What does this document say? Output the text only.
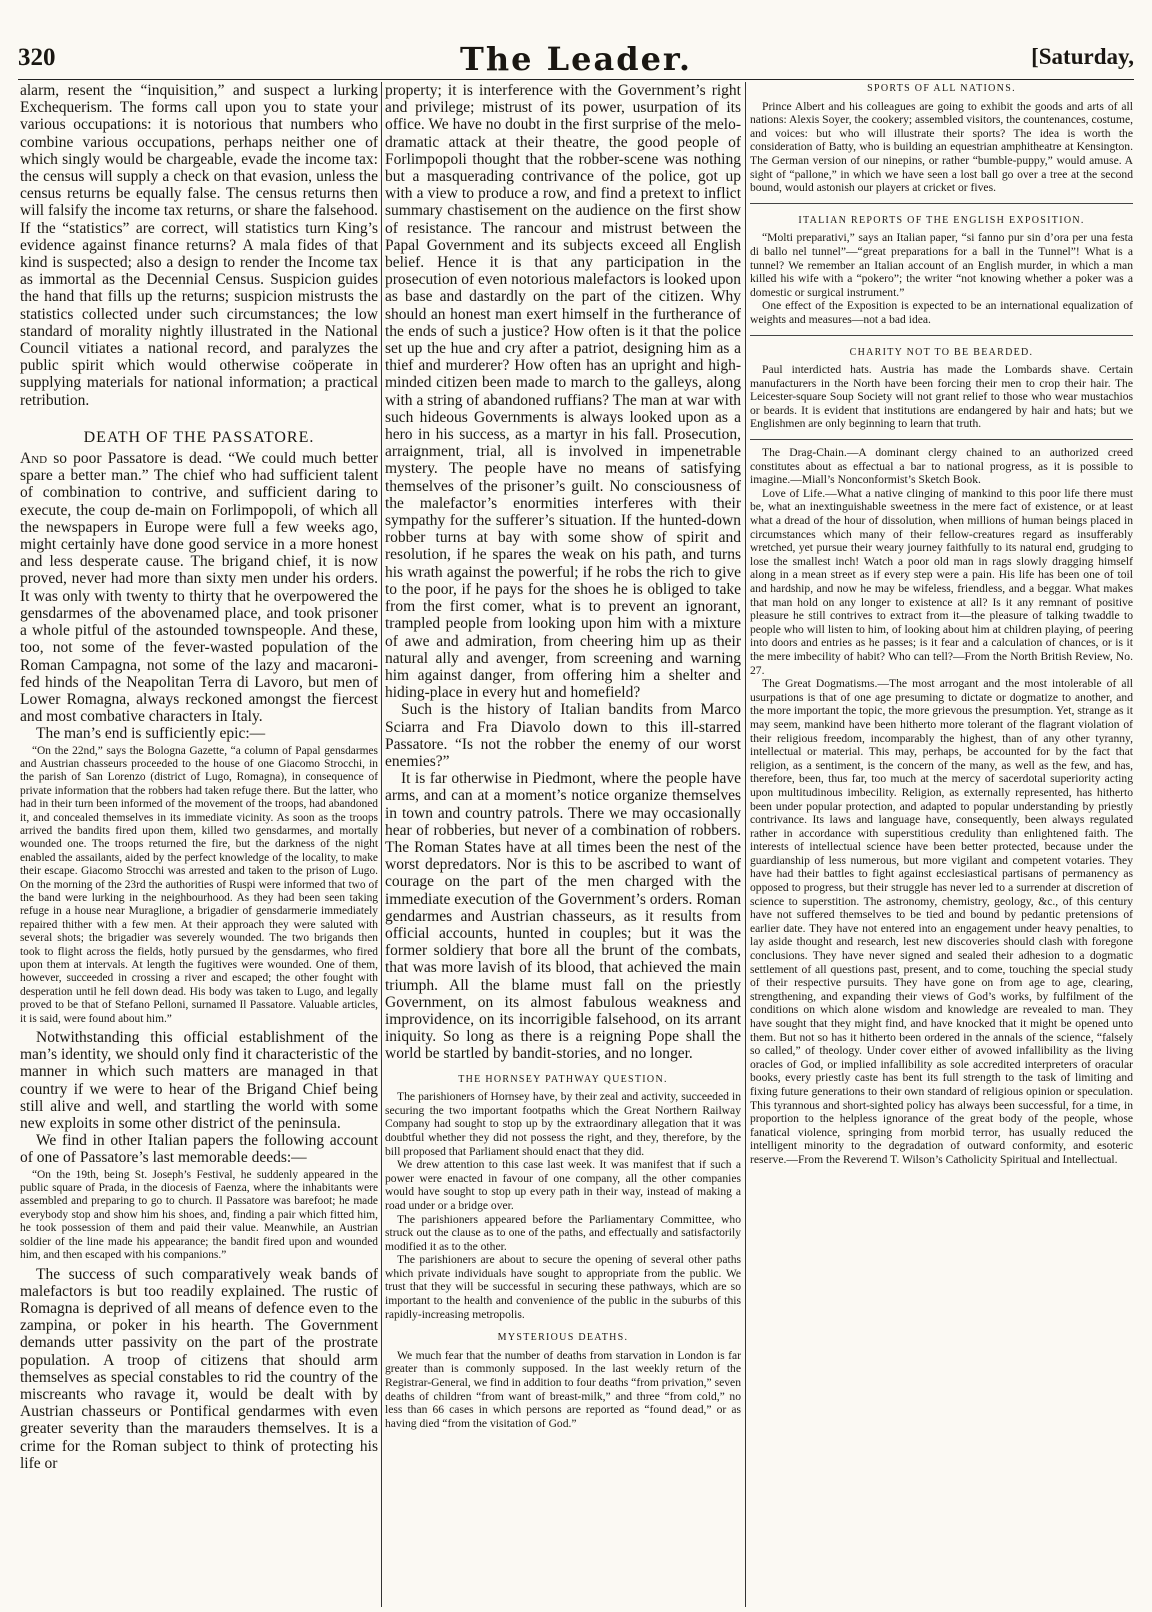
320	The Leader.	[Saturday,

alarm, resent the “inquisition,” and suspect a lurking Exchequerism. The forms call upon you to state your various occupations: it is notorious that numbers who combine various occupations, perhaps neither one of which singly would be chargeable, evade the income tax: the census will supply a check on that evasion, unless the census returns be equally false. The census returns then will falsify the income tax returns, or share the falsehood. If the “statistics” are correct, will statistics turn King’s evidence against finance returns? A mala fides of that kind is suspected; also a design to render the Income tax as immortal as the Decennial Census. Suspicion guides the hand that fills up the returns; suspicion mistrusts the statistics collected under such circumstances; the low standard of morality nightly illustrated in the National Council vitiates a national record, and paralyzes the public spirit which would otherwise coöperate in supplying materials for national information; a practical retribution.

DEATH OF THE PASSATORE.

And so poor Passatore is dead. “We could much better spare a better man.” The chief who had sufficient talent of combination to contrive, and sufficient daring to execute, the coup de-main on Forlimpopoli, of which all the newspapers in Europe were full a few weeks ago, might certainly have done good service in a more honest and less desperate cause. The brigand chief, it is now proved, never had more than sixty men under his orders. It was only with twenty to thirty that he overpowered the gensdarmes of the abovenamed place, and took prisoner a whole pitful of the astounded townspeople. And these, too, not some of the fever-wasted population of the Roman Campagna, not some of the lazy and macaroni-fed hinds of the Neapolitan Terra di Lavoro, but men of Lower Romagna, always reckoned amongst the fiercest and most combative characters in Italy.

The man’s end is sufficiently epic:—

“On the 22nd,” says the Bologna Gazette, “a column of Papal gensdarmes and Austrian chasseurs proceeded to the house of one Giacomo Strocchi, in the parish of San Lorenzo (district of Lugo, Romagna), in consequence of private information that the robbers had taken refuge there. But the latter, who had in their turn been informed of the movement of the troops, had abandoned it, and concealed themselves in its immediate vicinity. As soon as the troops arrived the bandits fired upon them, killed two gensdarmes, and mortally wounded one. The troops returned the fire, but the darkness of the night enabled the assailants, aided by the perfect knowledge of the locality, to make their escape. Giacomo Strocchi was arrested and taken to the prison of Lugo. On the morning of the 23rd the authorities of Ruspi were informed that two of the band were lurking in the neighbourhood. As they had been seen taking refuge in a house near Muraglione, a brigadier of gensdarmerie immediately repaired thither with a few men. At their approach they were saluted with several shots; the brigadier was severely wounded. The two brigands then took to flight across the fields, hotly pursued by the gensdarmes, who fired upon them at intervals. At length the fugitives were wounded. One of them, however, succeeded in crossing a river and escaped; the other fought with desperation until he fell down dead. His body was taken to Lugo, and legally proved to be that of Stefano Pelloni, surnamed Il Passatore. Valuable articles, it is said, were found about him.”

Notwithstanding this official establishment of the man’s identity, we should only find it characteristic of the manner in which such matters are managed in that country if we were to hear of the Brigand Chief being still alive and well, and startling the world with some new exploits in some other district of the peninsula.

We find in other Italian papers the following account of one of Passatore’s last memorable deeds:—

“On the 19th, being St. Joseph’s Festival, he suddenly appeared in the public square of Prada, in the diocesis of Faenza, where the inhabitants were assembled and preparing to go to church. Il Passatore was barefoot; he made everybody stop and show him his shoes, and, finding a pair which fitted him, he took possession of them and paid their value. Meanwhile, an Austrian soldier of the line made his appearance; the bandit fired upon and wounded him, and then escaped with his companions.”

The success of such comparatively weak bands of malefactors is but too readily explained. The rustic of Romagna is deprived of all means of defence even to the zampina, or poker in his hearth. The Government demands utter passivity on the part of the prostrate population. A troop of citizens that should arm themselves as special constables to rid the country of the miscreants who ravage it, would be dealt with by Austrian chasseurs or Pontifical gendarmes with even greater severity than the marauders themselves. It is a crime for the Roman subject to think of protecting his life or

property; it is interference with the Government’s right and privilege; mistrust of its power, usurpation of its office. We have no doubt in the first surprise of the melo-dramatic attack at their theatre, the good people of Forlimpopoli thought that the robber-scene was nothing but a masquerading contrivance of the police, got up with a view to produce a row, and find a pretext to inflict summary chastisement on the audience on the first show of resistance. The rancour and mistrust between the Papal Government and its subjects exceed all English belief. Hence it is that any participation in the prosecution of even notorious malefactors is looked upon as base and dastardly on the part of the citizen. Why should an honest man exert himself in the furtherance of the ends of such a justice? How often is it that the police set up the hue and cry after a patriot, designing him as a thief and murderer? How often has an upright and high-minded citizen been made to march to the galleys, along with a string of abandoned ruffians? The man at war with such hideous Governments is always looked upon as a hero in his success, as a martyr in his fall. Prosecution, arraignment, trial, all is involved in impenetrable mystery. The people have no means of satisfying themselves of the prisoner’s guilt. No consciousness of the malefactor’s enormities interferes with their sympathy for the sufferer’s situation. If the hunted-down robber turns at bay with some show of spirit and resolution, if he spares the weak on his path, and turns his wrath against the powerful; if he robs the rich to give to the poor, if he pays for the shoes he is obliged to take from the first comer, what is to prevent an ignorant, trampled people from looking upon him with a mixture of awe and admiration, from cheering him up as their natural ally and avenger, from screening and warning him against danger, from offering him a shelter and hiding-place in every hut and homefield?

Such is the history of Italian bandits from Marco Sciarra and Fra Diavolo down to this ill-starred Passatore. “Is not the robber the enemy of our worst enemies?”

It is far otherwise in Piedmont, where the people have arms, and can at a moment’s notice organize themselves in town and country patrols. There we may occasionally hear of robberies, but never of a combination of robbers. The Roman States have at all times been the nest of the worst depredators. Nor is this to be ascribed to want of courage on the part of the men charged with the immediate execution of the Government’s orders. Roman gendarmes and Austrian chasseurs, as it results from official accounts, hunted in couples; but it was the former soldiery that bore all the brunt of the combats, that was more lavish of its blood, that achieved the main triumph. All the blame must fall on the priestly Government, on its almost fabulous weakness and improvidence, on its incorrigible falsehood, on its arrant iniquity. So long as there is a reigning Pope shall the world be startled by bandit-stories, and no longer.

THE HORNSEY PATHWAY QUESTION.

The parishioners of Hornsey have, by their zeal and activity, succeeded in securing the two important footpaths which the Great Northern Railway Company had sought to stop up by the extraordinary allegation that it was doubtful whether they did not possess the right, and they, therefore, by the bill proposed that Parliament should enact that they did.

We drew attention to this case last week. It was manifest that if such a power were enacted in favour of one company, all the other companies would have sought to stop up every path in their way, instead of making a road under or a bridge over.

The parishioners appeared before the Parliamentary Committee, who struck out the clause as to one of the paths, and effectually and satisfactorily modified it as to the other.

The parishioners are about to secure the opening of several other paths which private individuals have sought to appropriate from the public. We trust that they will be successful in securing these pathways, which are so important to the health and convenience of the public in the suburbs of this rapidly-increasing metropolis.

MYSTERIOUS DEATHS.

We much fear that the number of deaths from starvation in London is far greater than is commonly supposed. In the last weekly return of the Registrar-General, we find in addition to four deaths “from privation,” seven deaths of children “from want of breast-milk,” and three “from cold,” no less than 66 cases in which persons are reported as “found dead,” or as having died “from the visitation of God.”

SPORTS OF ALL NATIONS.

Prince Albert and his colleagues are going to exhibit the goods and arts of all nations: Alexis Soyer, the cookery; assembled visitors, the countenances, costume, and voices: but who will illustrate their sports? The idea is worth the consideration of Batty, who is building an equestrian amphitheatre at Kensington. The German version of our ninepins, or rather “bumble-puppy,” would amuse. A sight of “pallone,” in which we have seen a lost ball go over a tree at the second bound, would astonish our players at cricket or fives.

ITALIAN REPORTS OF THE ENGLISH EXPOSITION.

“Molti preparativi,” says an Italian paper, “si fanno pur sin d’ora per una festa di ballo nel tunnel”—“great preparations for a ball in the Tunnel”! What is a tunnel? We remember an Italian account of an English murder, in which a man killed his wife with a “pokero”; the writer “not knowing whether a poker was a domestic or surgical instrument.”

One effect of the Exposition is expected to be an international equalization of weights and measures—not a bad idea.

CHARITY NOT TO BE BEARDED.

Paul interdicted hats. Austria has made the Lombards shave. Certain manufacturers in the North have been forcing their men to crop their hair. The Leicester-square Soup Society will not grant relief to those who wear mustachios or beards. It is evident that institutions are endangered by hair and hats; but we Englishmen are only beginning to learn that truth.

The Drag-Chain.—A dominant clergy chained to an authorized creed constitutes about as effectual a bar to national progress, as it is possible to imagine.—Miall’s Nonconformist’s Sketch Book.

Love of Life.—What a native clinging of mankind to this poor life there must be, what an inextinguishable sweetness in the mere fact of existence, or at least what a dread of the hour of dissolution, when millions of human beings placed in circumstances which many of their fellow-creatures regard as insufferably wretched, yet pursue their weary journey faithfully to its natural end, grudging to lose the smallest inch! Watch a poor old man in rags slowly dragging himself along in a mean street as if every step were a pain. His life has been one of toil and hardship, and now he may be wifeless, friendless, and a beggar. What makes that man hold on any longer to existence at all? Is it any remnant of positive pleasure he still contrives to extract from it—the pleasure of talking twaddle to people who will listen to him, of looking about him at children playing, of peering into doors and entries as he passes; is it fear and a calculation of chances, or is it the mere imbecility of habit? Who can tell?—From the North British Review, No. 27.

The Great Dogmatisms.—The most arrogant and the most intolerable of all usurpations is that of one age presuming to dictate or dogmatize to another, and the more important the topic, the more grievous the presumption. Yet, strange as it may seem, mankind have been hitherto more tolerant of the flagrant violation of their religious freedom, incomparably the highest, than of any other tyranny, intellectual or material. This may, perhaps, be accounted for by the fact that religion, as a sentiment, is the concern of the many, as well as the few, and has, therefore, been, thus far, too much at the mercy of sacerdotal superiority acting upon multitudinous imbecility. Religion, as externally represented, has hitherto been under popular protection, and adapted to popular understanding by priestly contrivance. Its laws and language have, consequently, been always regulated rather in accordance with superstitious credulity than enlightened faith. The interests of intellectual science have been better protected, because under the guardianship of less numerous, but more vigilant and competent votaries. They have had their battles to fight against ecclesiastical partisans of permanency as opposed to progress, but their struggle has never led to a surrender at discretion of science to superstition. The astronomy, chemistry, geology, &c., of this century have not suffered themselves to be tied and bound by pedantic pretensions of earlier date. They have not entered into an engagement under heavy penalties, to lay aside thought and research, lest new discoveries should clash with foregone conclusions. They have never signed and sealed their adhesion to a dogmatic settlement of all questions past, present, and to come, touching the special study of their respective pursuits. They have gone on from age to age, clearing, strengthening, and expanding their views of God’s works, by fulfilment of the conditions on which alone wisdom and knowledge are revealed to man. They have sought that they might find, and have knocked that it might be opened unto them. But not so has it hitherto been ordered in the annals of the science, “falsely so called,” of theology. Under cover either of avowed infallibility as the living oracles of God, or implied infallibility as sole accredited interpreters of oracular books, every priestly caste has bent its full strength to the task of limiting and fixing future generations to their own standard of religious opinion or speculation. This tyrannous and short-sighted policy has always been successful, for a time, in proportion to the helpless ignorance of the great body of the people, whose fanatical violence, springing from morbid terror, has usually reduced the intelligent minority to the degradation of outward conformity, and esoteric reserve.—From the Reverend T. Wilson’s Catholicity Spiritual and Intellectual.
